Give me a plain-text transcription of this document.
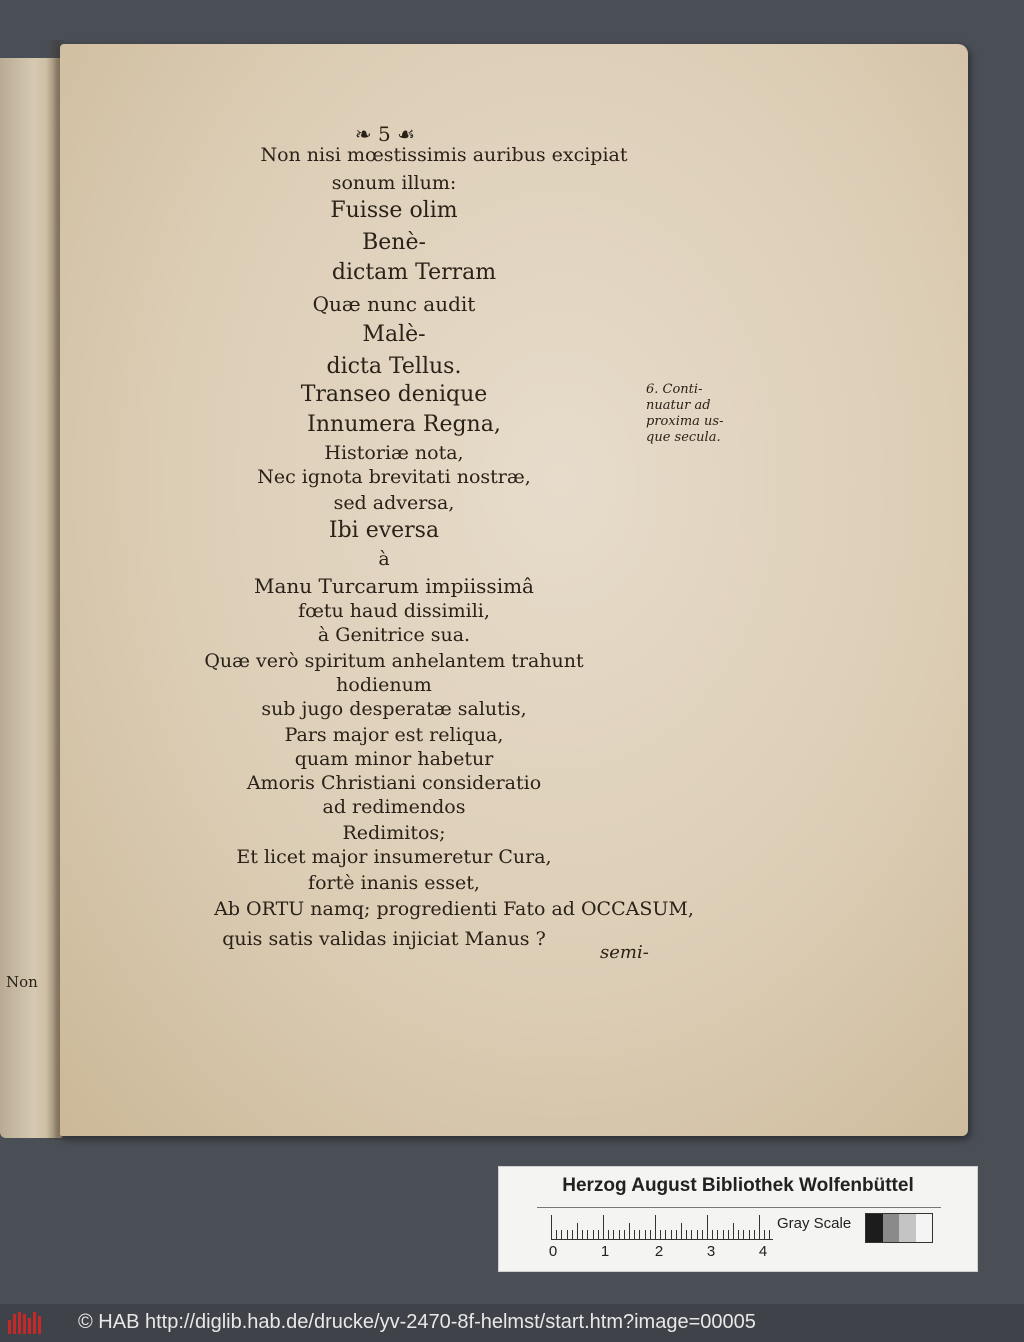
Non
❧ 5 ☙
Non nisi mœstissimis auribus excipiat
sonum illum:
Fuisse olim
Benè-
dictam Terram
Quæ nunc audit
Malè-
dicta Tellus.
Transeo denique
Innumera Regna,
Historiæ nota,
Nec ignota brevitati nostræ,
sed adversa,
Ibi eversa
à
Manu Turcarum impiissimâ
fœtu haud dissimili,
à Genitrice sua.
Quæ verò spiritum anhelantem trahunt
hodienum
sub jugo desperatæ salutis,
Pars major est reliqua,
quam minor habetur
Amoris Christiani consideratio
ad redimendos
Redimitos;
Et licet major insumeretur Cura,
fortè inanis esset,
Ab ORTU namq; progredienti Fato ad OCCASUM,
quis satis validas injiciat Manus ?
6. Conti-
nuatur ad
proxima us-
que secula.
semi-
Herzog August Bibliothek Wolfenbüttel
0	1	2	3	4
Gray Scale
© HAB http://diglib.hab.de/drucke/yv-2470-8f-helmst/start.htm?image=00005
